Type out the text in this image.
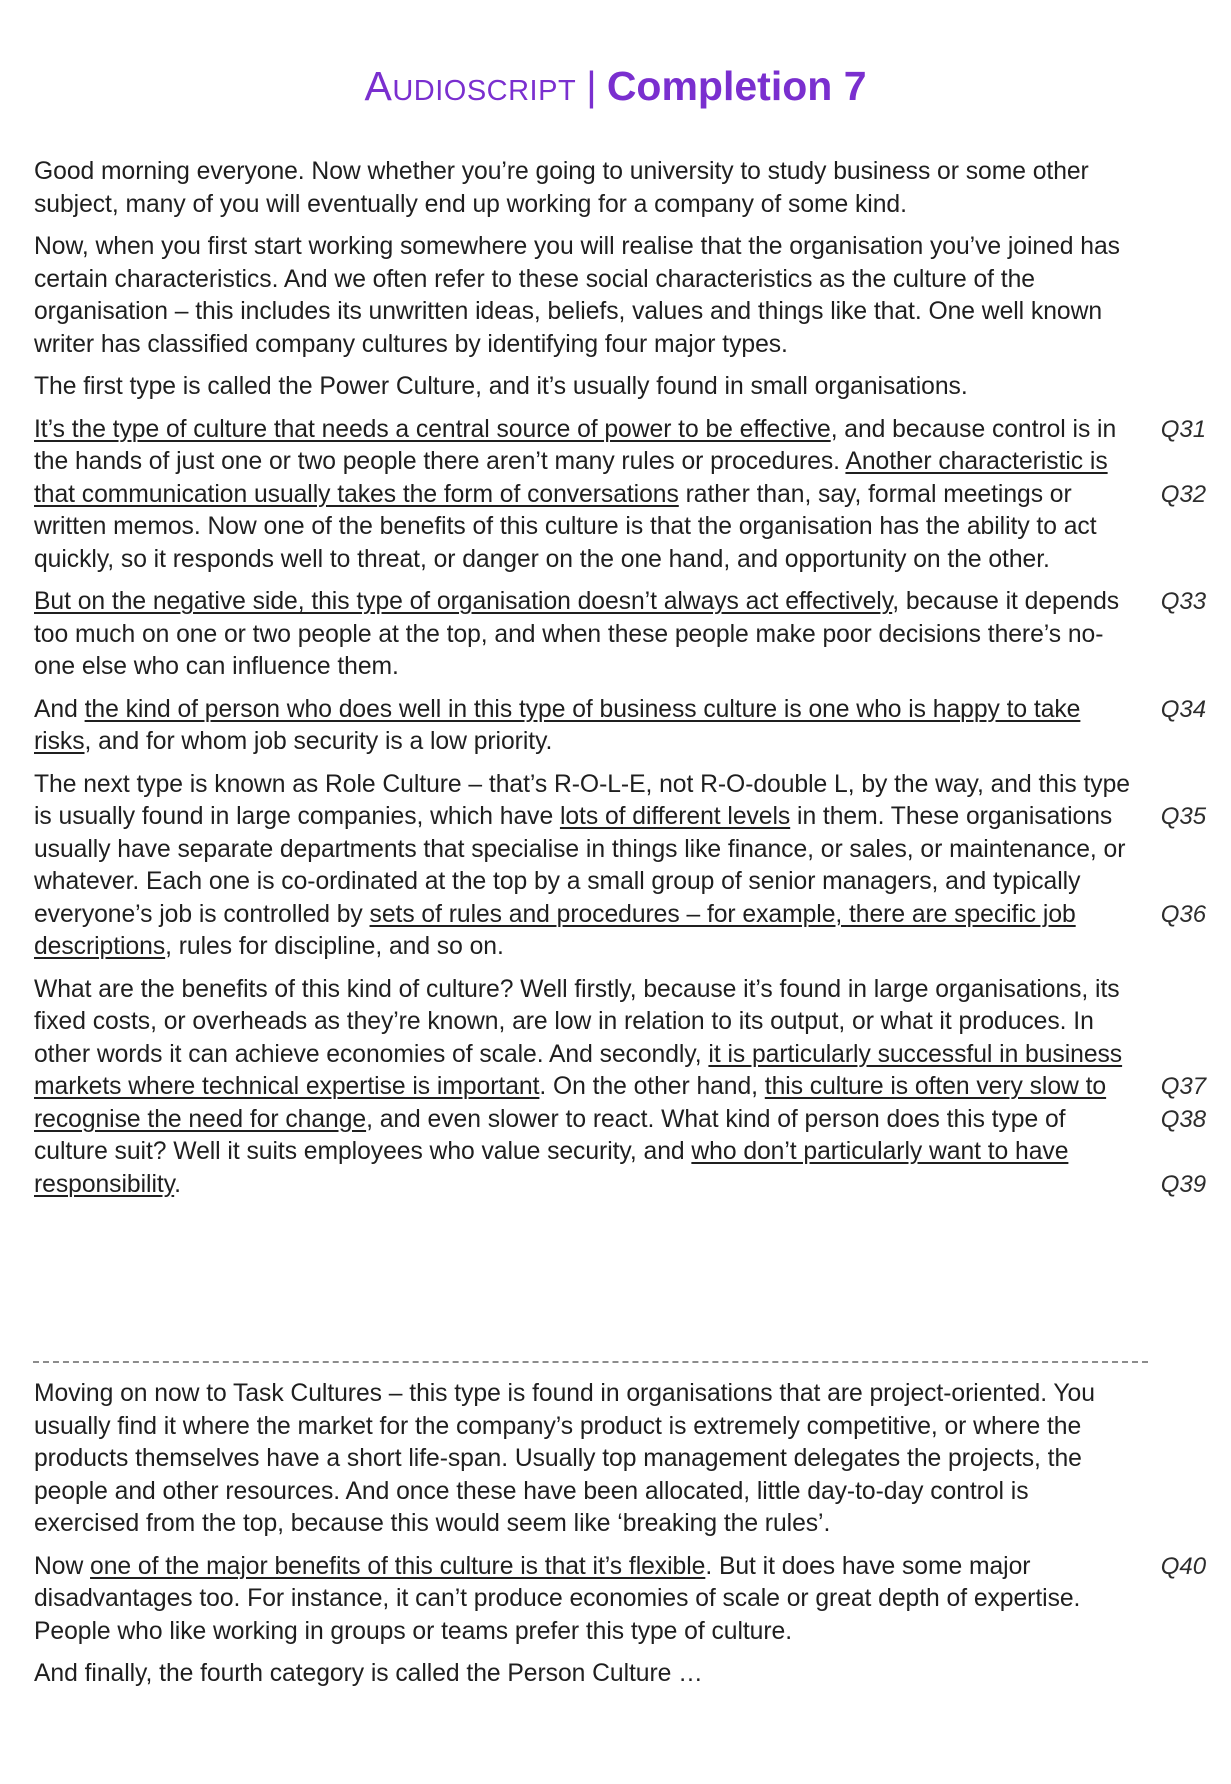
Audioscript | Completion 7
Good morning everyone. Now whether you’re going to university to study business or some other subject, many of you will eventually end up working for a company of some kind.
Now, when you first start working somewhere you will realise that the organisation you’ve joined has certain characteristics. And we often refer to these social characteristics as the culture of the organisation – this includes its unwritten ideas, beliefs, values and things like that. One well known writer has classified company cultures by identifying four major types.
The first type is called the Power Culture, and it’s usually found in small organisations.
It’s the type of culture that needs a central source of power to be effective, and because control is in the hands of just one or two people there aren’t many rules or procedures. Another characteristic is that communication usually takes the form of conversations rather than, say, formal meetings or written memos. Now one of the benefits of this culture is that the organisation has the ability to act quickly, so it responds well to threat, or danger on the one hand, and opportunity on the other.
Q31
Q32
But on the negative side, this type of organisation doesn’t always act effectively, because it depends too much on one or two people at the top, and when these people make poor decisions there’s no-one else who can influence them.
Q33
And the kind of person who does well in this type of business culture is one who is happy to take risks, and for whom job security is a low priority.
Q34
The next type is known as Role Culture – that’s R-O-L-E, not R-O-double L, by the way, and this type is usually found in large companies, which have lots of different levels in them. These organisations usually have separate departments that specialise in things like finance, or sales, or maintenance, or whatever. Each one is co-ordinated at the top by a small group of senior managers, and typically everyone’s job is controlled by sets of rules and procedures – for example, there are specific job descriptions, rules for discipline, and so on.
Q35
Q36
What are the benefits of this kind of culture? Well firstly, because it’s found in large organisations, its fixed costs, or overheads as they’re known, are low in relation to its output, or what it produces. In other words it can achieve economies of scale. And secondly, it is particularly successful in business markets where technical expertise is important. On the other hand, this culture is often very slow to recognise the need for change, and even slower to react. What kind of person does this type of culture suit? Well it suits employees who value security, and who don’t particularly want to have responsibility.
Q37
Q38
Q39
Moving on now to Task Cultures – this type is found in organisations that are project-oriented. You usually find it where the market for the company’s product is extremely competitive, or where the products themselves have a short life-span. Usually top management delegates the projects, the people and other resources. And once these have been allocated, little day-to-day control is exercised from the top, because this would seem like ‘breaking the rules’.
Now one of the major benefits of this culture is that it’s flexible. But it does have some major disadvantages too. For instance, it can’t produce economies of scale or great depth of expertise. People who like working in groups or teams prefer this type of culture.
Q40
And finally, the fourth category is called the Person Culture …
